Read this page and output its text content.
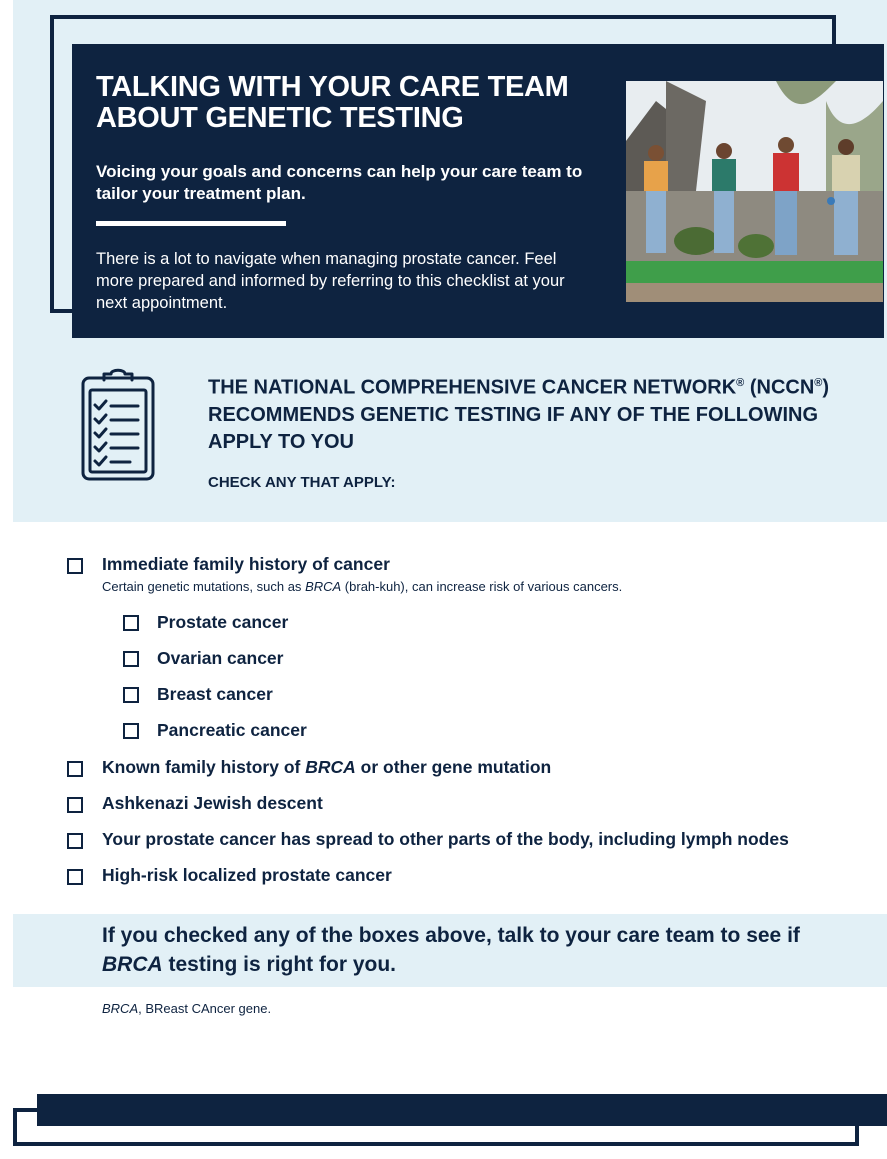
TALKING WITH YOUR CARE TEAM ABOUT GENETIC TESTING

Voicing your goals and concerns can help your care team to tailor your treatment plan.

There is a lot to navigate when managing prostate cancer. Feel more prepared and informed by referring to this checklist at your next appointment.

THE NATIONAL COMPREHENSIVE CANCER NETWORK® (NCCN®) RECOMMENDS GENETIC TESTING IF ANY OF THE FOLLOWING APPLY TO YOU

CHECK ANY THAT APPLY:

Immediate family history of cancer

Certain genetic mutations, such as BRCA (brah-kuh), can increase risk of various cancers.

Prostate cancer

Ovarian cancer

Breast cancer

Pancreatic cancer

Known family history of BRCA or other gene mutation

Ashkenazi Jewish descent

Your prostate cancer has spread to other parts of the body, including lymph nodes

High-risk localized prostate cancer

If you checked any of the boxes above, talk to your care team to see if BRCA testing is right for you.

BRCA, BReast CAncer gene.
